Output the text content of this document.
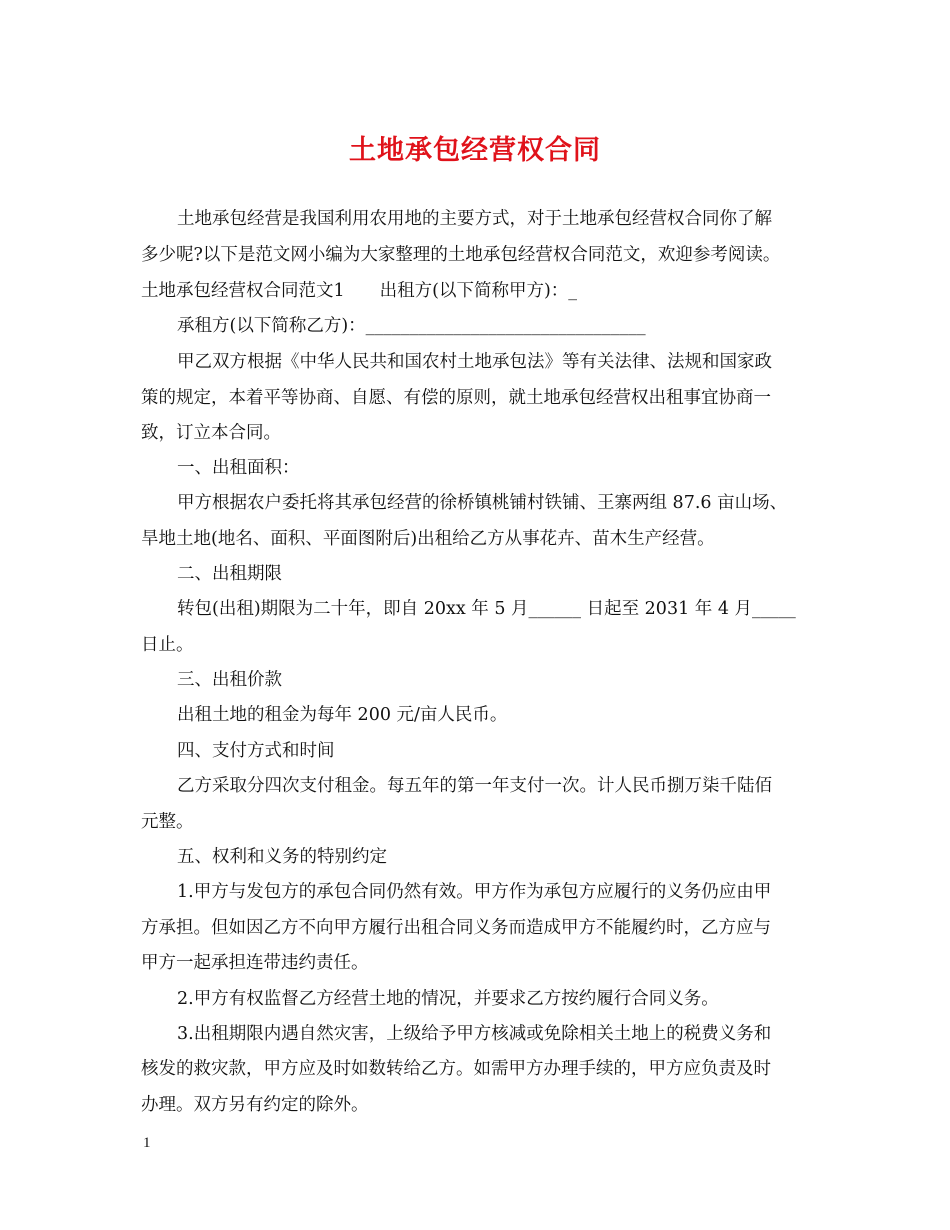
土地承包经营权合同
土地承包经营是我国利用农用地的主要方式，对于土地承包经营权合同你了解
多少呢?以下是范文网小编为大家整理的土地承包经营权合同范文，欢迎参考阅读。
土地承包经营权合同范文1　　出租方(以下简称甲方)：_
承租方(以下简称乙方)：________________________________
甲乙双方根据《中华人民共和国农村土地承包法》等有关法律、法规和国家政
策的规定，本着平等协商、自愿、有偿的原则，就土地承包经营权出租事宜协商一
致，订立本合同。
一、出租面积：
甲方根据农户委托将其承包经营的徐桥镇桃铺村铁铺、王寨两组 87.6 亩山场、
旱地土地(地名、面积、平面图附后)出租给乙方从事花卉、苗木生产经营。
二、出租期限
转包(出租)期限为二十年，即自 20xx 年 5 月______ 日起至 2031 年 4 月_____
日止。
三、出租价款
出租土地的租金为每年 200 元/亩人民币。
四、支付方式和时间
乙方采取分四次支付租金。每五年的第一年支付一次。计人民币捌万柒千陆佰
元整。
五、权利和义务的特别约定
1.甲方与发包方的承包合同仍然有效。甲方作为承包方应履行的义务仍应由甲
方承担。但如因乙方不向甲方履行出租合同义务而造成甲方不能履约时，乙方应与
甲方一起承担连带违约责任。
2.甲方有权监督乙方经营土地的情况，并要求乙方按约履行合同义务。
3.出租期限内遇自然灾害，上级给予甲方核减或免除相关土地上的税费义务和
核发的救灾款，甲方应及时如数转给乙方。如需甲方办理手续的，甲方应负责及时
办理。双方另有约定的除外。
1
